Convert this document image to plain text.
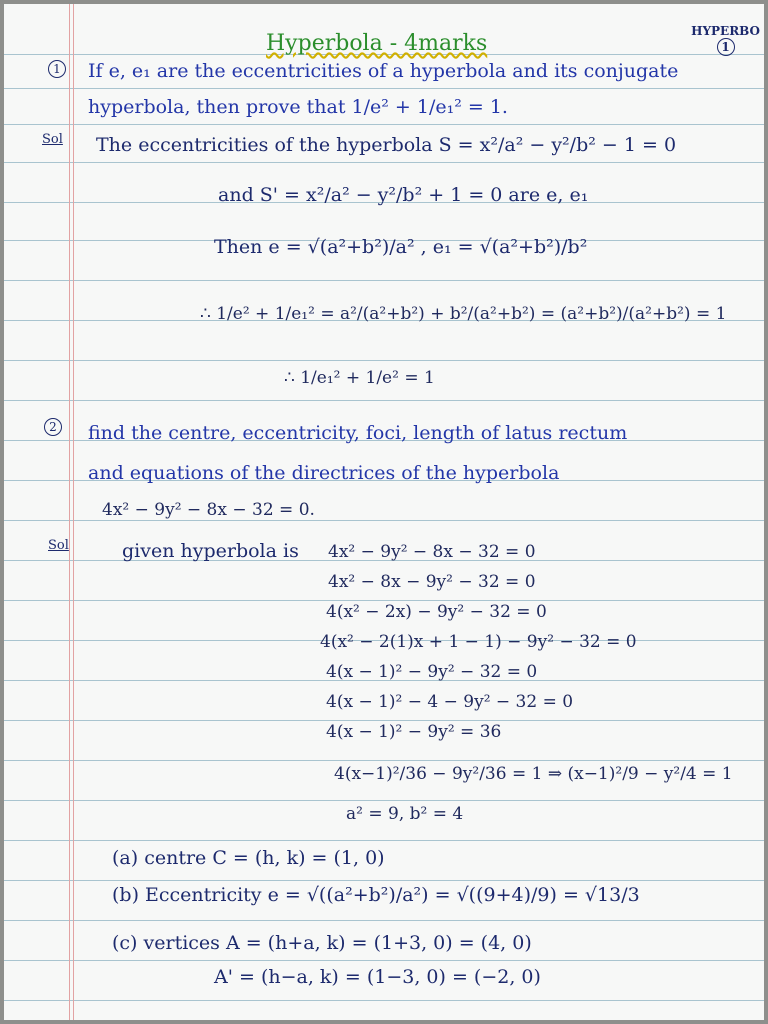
Hyperbola - 4marks	HYPERBO
1
1 If e, e₁ are the eccentricities of a hyperbola and its conjugate
hyperbola, then prove that 1/e² + 1/e₁² = 1.
Sol The eccentricities of the hyperbola S = x²/a² − y²/b² − 1 = 0
and S' = x²/a² − y²/b² + 1 = 0 are e, e₁
Then e = √(a²+b²)/a² , e₁ = √(a²+b²)/b²
∴ 1/e² + 1/e₁² = a²/(a²+b²) + b²/(a²+b²) = (a²+b²)/(a²+b²) = 1
∴ 1/e₁² + 1/e² = 1
2 find the centre, eccentricity, foci, length of latus rectum
and equations of the directrices of the hyperbola
4x² − 9y² − 8x − 32 = 0.
Sol	given hyperbola is 4x² − 9y² − 8x − 32 = 0
4x² − 8x − 9y² − 32 = 0
4(x² − 2x) − 9y² − 32 = 0
4(x² − 2(1)x + 1 − 1) − 9y² − 32 = 0
4(x − 1)² − 9y² − 32 = 0
4(x − 1)² − 4 − 9y² − 32 = 0
4(x − 1)² − 9y² = 36
4(x−1)²/36 − 9y²/36 = 1 ⇒ (x−1)²/9 − y²/4 = 1
a² = 9, b² = 4
(a) centre C = (h, k) = (1, 0)
(b) Eccentricity e = √((a²+b²)/a²) = √((9+4)/9) = √13/3
(c) vertices A = (h+a, k) = (1+3, 0) = (4, 0)
A' = (h−a, k) = (1−3, 0) = (−2, 0)
